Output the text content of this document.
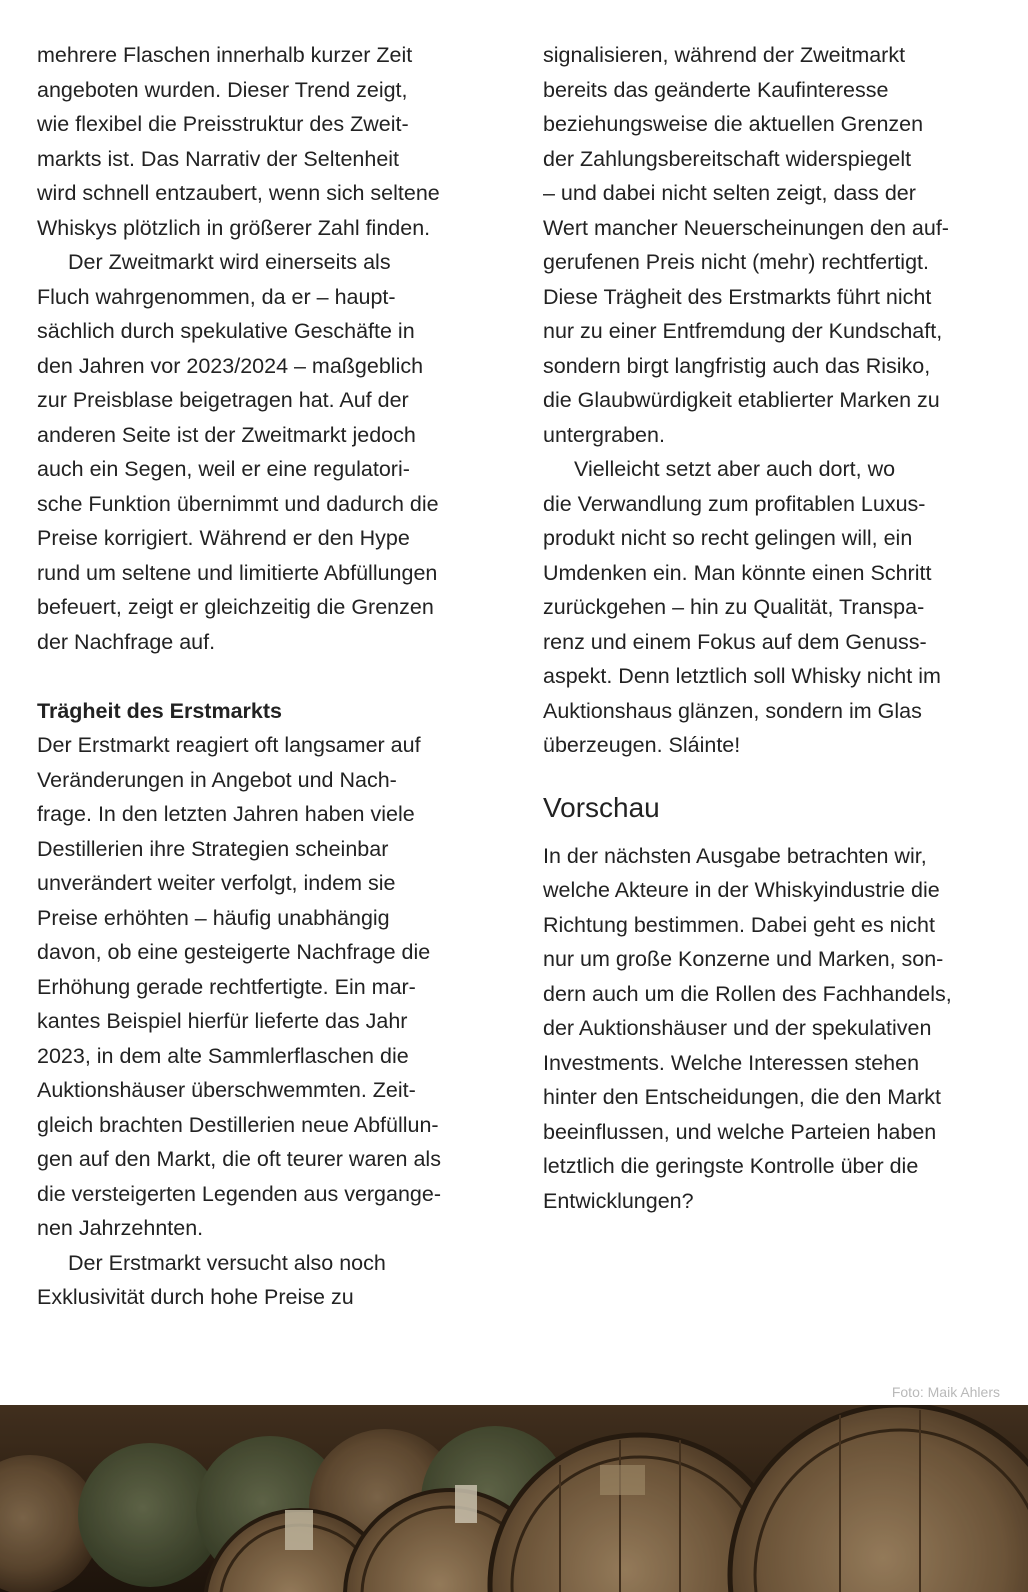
mehrere Flaschen innerhalb kurzer Zeit
angeboten wurden. Dieser Trend zeigt,
wie flexibel die Preisstruktur des Zweit-
markts ist. Das Narrativ der Seltenheit
wird schnell entzaubert, wenn sich seltene
Whiskys plötzlich in größerer Zahl finden.
Der Zweitmarkt wird einerseits als
Fluch wahrgenommen, da er – haupt-
sächlich durch spekulative Geschäfte in
den Jahren vor 2023/2024 – maßgeblich
zur Preisblase beigetragen hat. Auf der
anderen Seite ist der Zweitmarkt jedoch
auch ein Segen, weil er eine regulatori-
sche Funktion übernimmt und dadurch die
Preise korrigiert. Während er den Hype
rund um seltene und limitierte Abfüllungen
befeuert, zeigt er gleichzeitig die Grenzen
der Nachfrage auf.
Trägheit des Erstmarkts
Der Erstmarkt reagiert oft langsamer auf
Veränderungen in Angebot und Nach-
frage. In den letzten Jahren haben viele
Destillerien ihre Strategien scheinbar
unverändert weiter verfolgt, indem sie
Preise erhöhten – häufig unabhängig
davon, ob eine gesteigerte Nachfrage die
Erhöhung gerade rechtfertigte. Ein mar-
kantes Beispiel hierfür lieferte das Jahr
2023, in dem alte Sammlerflaschen die
Auktionshäuser überschwemmten. Zeit-
gleich brachten Destillerien neue Abfüllun-
gen auf den Markt, die oft teurer waren als
die versteigerten Legenden aus vergange-
nen Jahrzehnten.
Der Erstmarkt versucht also noch
Exklusivität durch hohe Preise zu
signalisieren, während der Zweitmarkt
bereits das geänderte Kaufinteresse
beziehungsweise die aktuellen Grenzen
der Zahlungsbereitschaft widerspiegelt
– und dabei nicht selten zeigt, dass der
Wert mancher Neuerscheinungen den auf-
gerufenen Preis nicht (mehr) rechtfertigt.
Diese Trägheit des Erstmarkts führt nicht
nur zu einer Entfremdung der Kundschaft,
sondern birgt langfristig auch das Risiko,
die Glaubwürdigkeit etablierter Marken zu
untergraben.
Vielleicht setzt aber auch dort, wo
die Verwandlung zum profitablen Luxus-
produkt nicht so recht gelingen will, ein
Umdenken ein. Man könnte einen Schritt
zurückgehen – hin zu Qualität, Transpa-
renz und einem Fokus auf dem Genuss-
aspekt. Denn letztlich soll Whisky nicht im
Auktionshaus glänzen, sondern im Glas
überzeugen. Sláinte!
Vorschau
In der nächsten Ausgabe betrachten wir,
welche Akteure in der Whiskyindustrie die
Richtung bestimmen. Dabei geht es nicht
nur um große Konzerne und Marken, son-
dern auch um die Rollen des Fachhandels,
der Auktionshäuser und der spekulativen
Investments. Welche Interessen stehen
hinter den Entscheidungen, die den Markt
beeinflussen, und welche Parteien haben
letztlich die geringste Kontrolle über die
Entwicklungen?
Foto: Maik Ahlers
